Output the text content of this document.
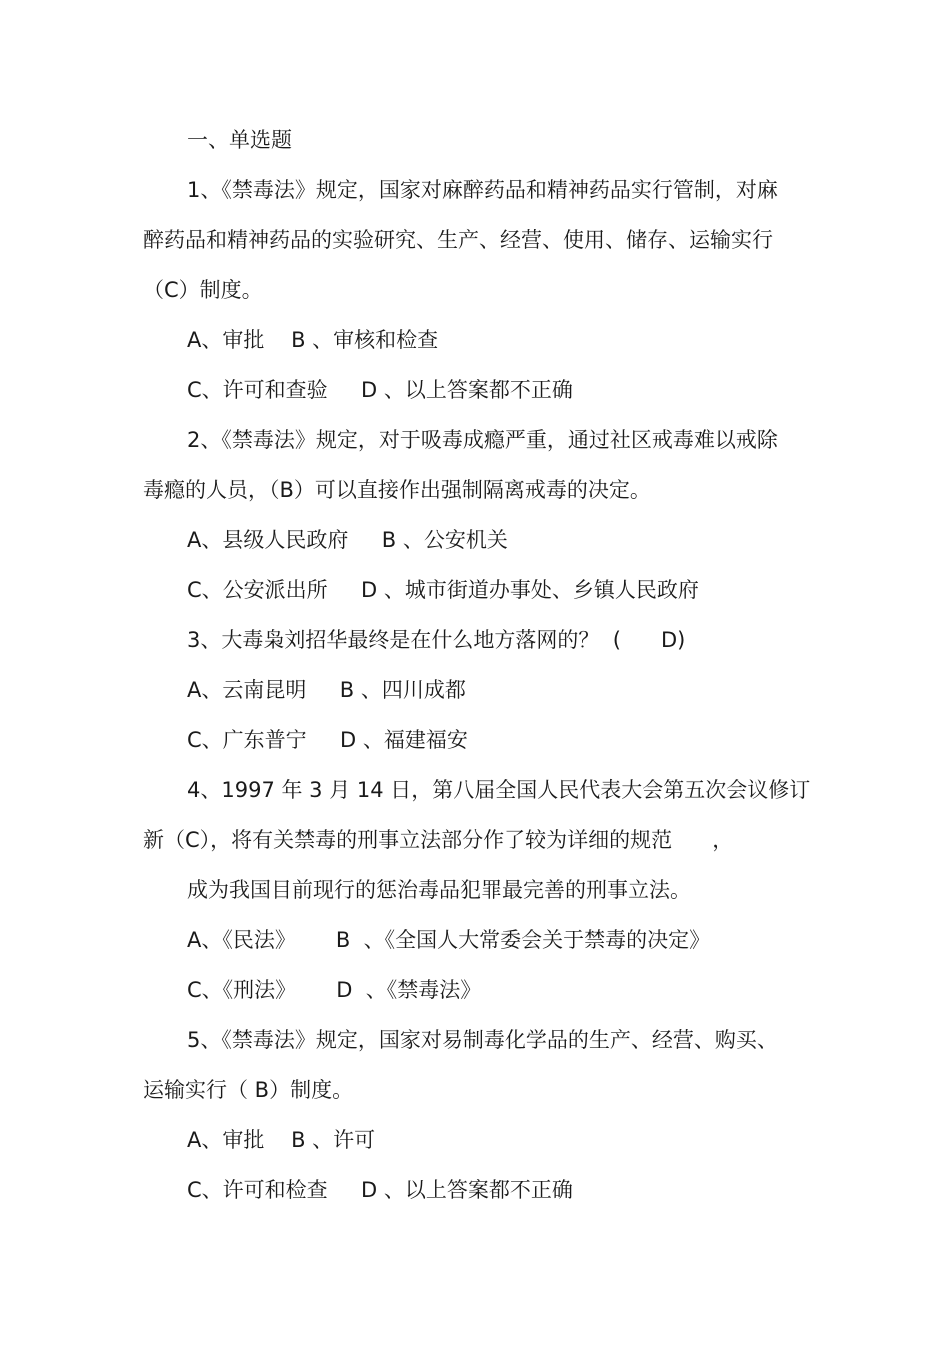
一、单选题
1、《禁毒法》规定，国家对麻醉药品和精神药品实行管制，对麻
醉药品和精神药品的实验研究、生产、经营、使用、储存、运输实行
（C）制度。
A、审批    B 、审核和检查
C、许可和查验     D 、以上答案都不正确
2、《禁毒法》规定，对于吸毒成瘾严重，通过社区戒毒难以戒除
毒瘾的人员，（B）可以直接作出强制隔离戒毒的决定。
A、县级人民政府     B 、公安机关
C、公安派出所     D 、城市街道办事处、乡镇人民政府
3、大毒枭刘招华最终是在什么地方落网的？  (      D)
A、云南昆明     B 、四川成都
C、广东普宁     D 、福建福安
4、1997 年 3 月 14 日，第八届全国人民代表大会第五次会议修订
新（C），将有关禁毒的刑事立法部分作了较为详细的规范      ，
成为我国目前现行的惩治毒品犯罪最完善的刑事立法。
A、《民法》      B  、《全国人大常委会关于禁毒的决定》
C、《刑法》      D  、《禁毒法》
5、《禁毒法》规定，国家对易制毒化学品的生产、经营、购买、
运输实行（ B）制度。
A、审批    B 、许可
C、许可和检查     D 、以上答案都不正确
